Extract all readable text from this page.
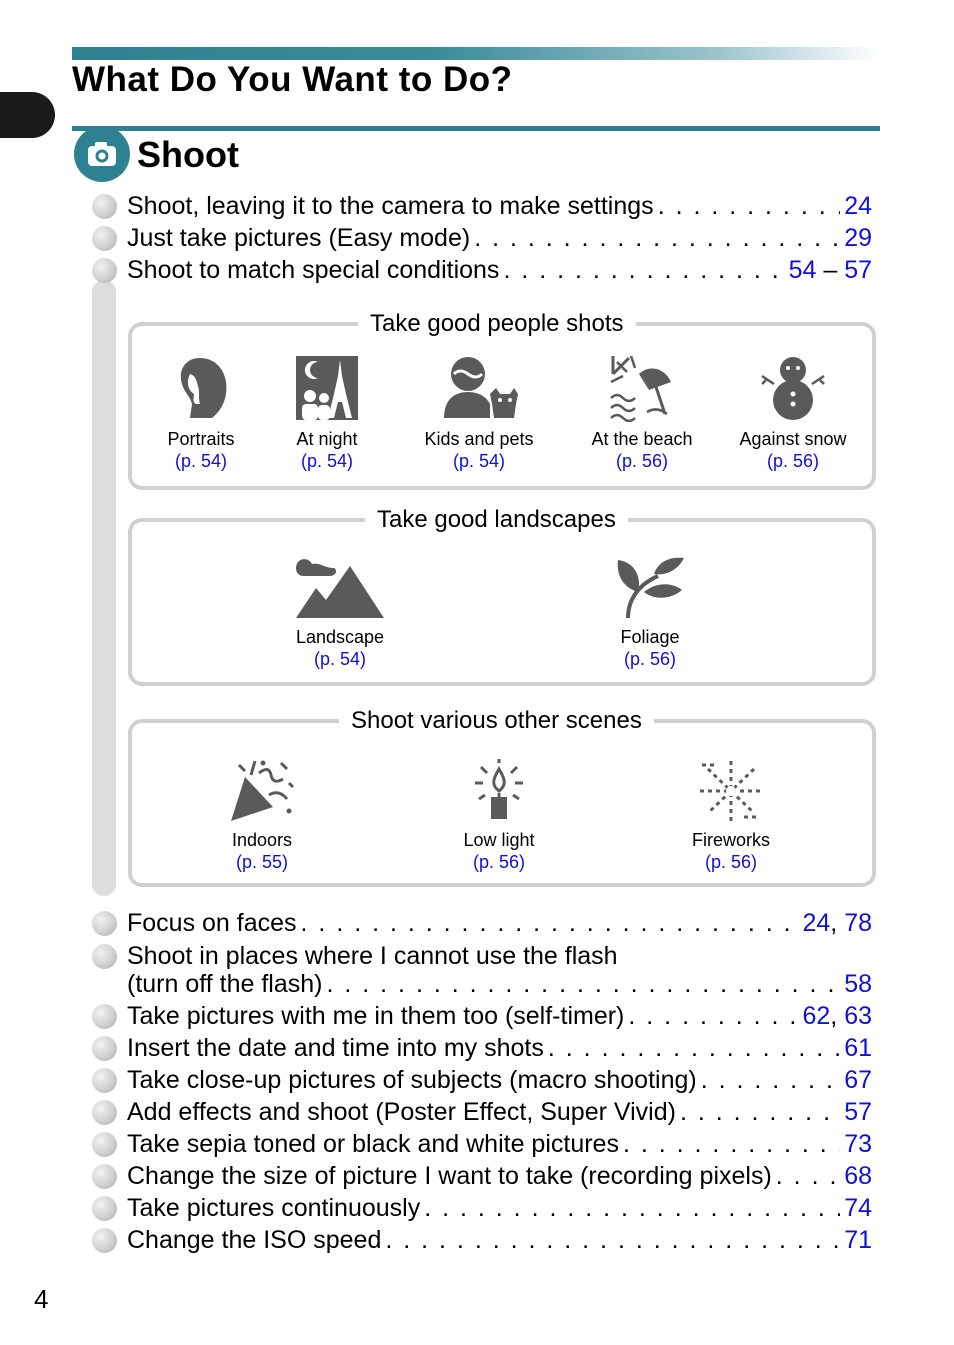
What Do You Want to Do?
Shoot
Shoot, leaving it to the camera to make settings . . .	24
Just take pictures (Easy mode) . . .	29
Shoot to match special conditions . . .	54 – 57
Take good people shots
Portraits
(p. 54)
At night
(p. 54)
Kids and pets
(p. 54)
At the beach
(p. 56)
Against snow
(p. 56)
Take good landscapes
Landscape
(p. 54)
Foliage
(p. 56)
Shoot various other scenes
Indoors
(p. 55)
Low light
(p. 56)
Fireworks
(p. 56)
Focus on faces . . .	24, 78
Shoot in places where I cannot use the flash
(turn off the flash) . . .	58
Take pictures with me in them too (self-timer) . . .	62, 63
Insert the date and time into my shots . . .	61
Take close-up pictures of subjects (macro shooting) . . .	67
Add effects and shoot (Poster Effect, Super Vivid) . . .	57
Take sepia toned or black and white pictures . . .	73
Change the size of picture I want to take (recording pixels) . . .	68
Take pictures continuously . . .	74
Change the ISO speed . . .	71
4
